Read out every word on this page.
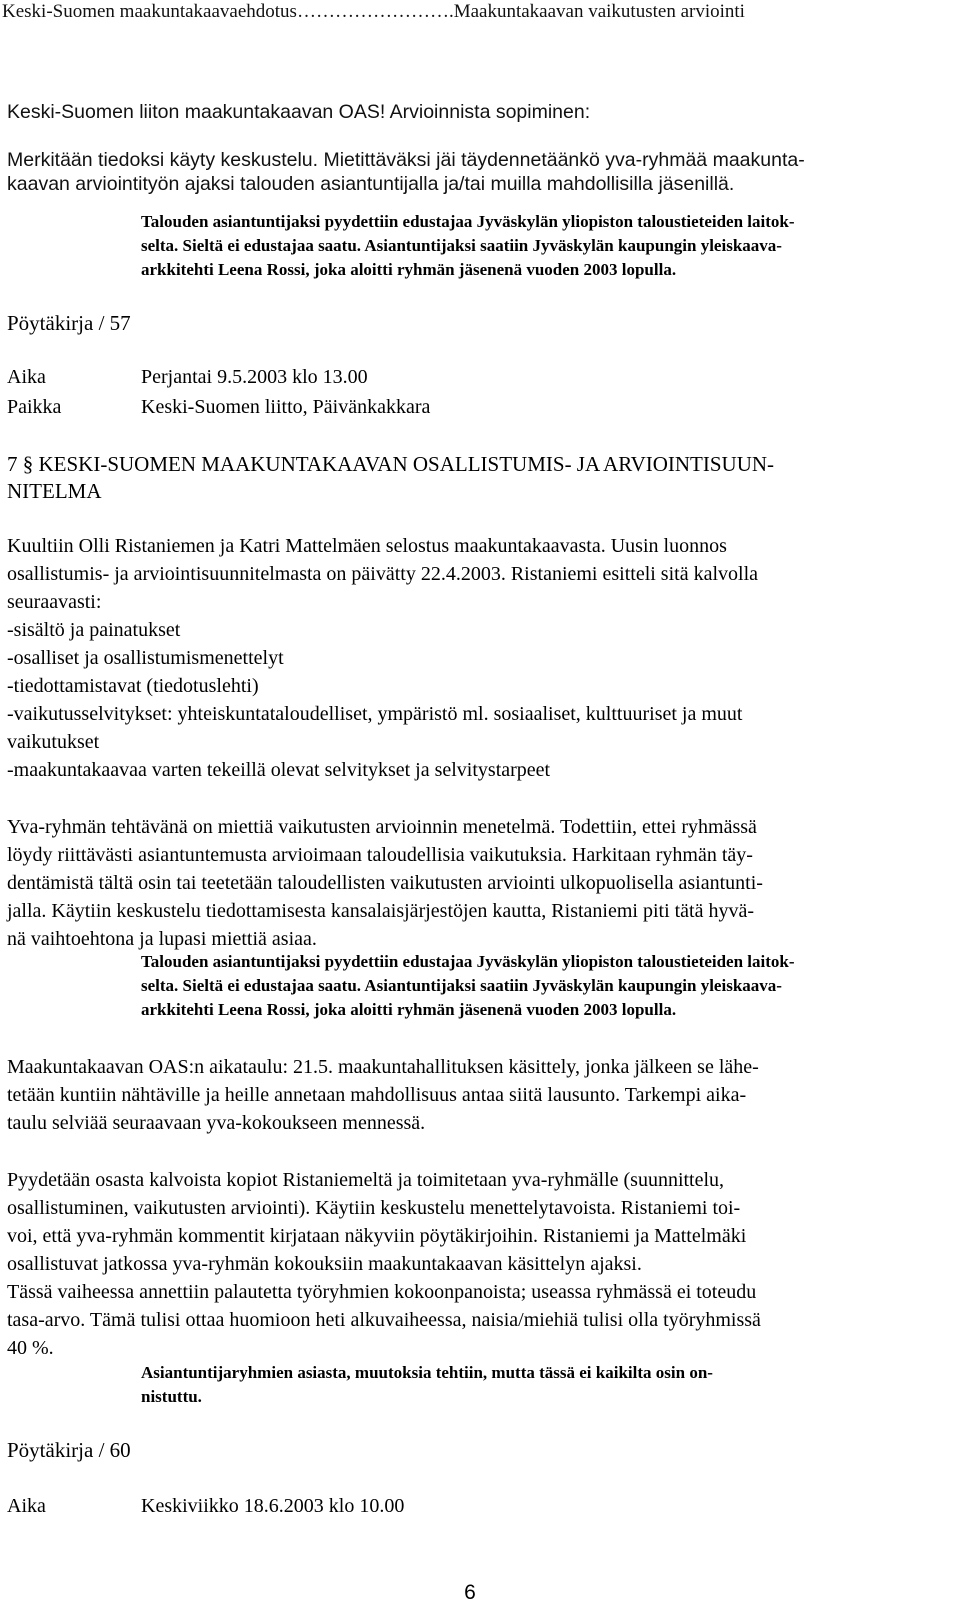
Keski-Suomen maakuntakaavaehdotus…………………….Maakuntakaavan vaikutusten arviointi
Keski-Suomen liiton maakuntakaavan OAS! Arvioinnista sopiminen:
Merkitään tiedoksi käyty keskustelu. Mietittäväksi jäi täydennetäänkö yva-ryhmää maakunta-
kaavan arviointityön ajaksi talouden asiantuntijalla ja/tai muilla mahdollisilla jäsenillä.
Talouden asiantuntijaksi pyydettiin edustajaa Jyväskylän yliopiston taloustieteiden laitok-
selta. Sieltä ei edustajaa saatu. Asiantuntijaksi saatiin Jyväskylän kaupungin yleiskaava-
arkkitehti Leena Rossi, joka aloitti ryhmän jäsenenä vuoden 2003 lopulla.
Pöytäkirja / 57
Aika	Perjantai 9.5.2003 klo 13.00
Paikka	Keski-Suomen liitto, Päivänkakkara
7 § KESKI-SUOMEN MAAKUNTAKAAVAN OSALLISTUMIS- JA ARVIOINTISUUN-
NITELMA
Kuultiin Olli Ristaniemen ja Katri Mattelmäen selostus maakuntakaavasta. Uusin luonnos
osallistumis- ja arviointisuunnitelmasta on päivätty 22.4.2003. Ristaniemi esitteli sitä kalvolla
seuraavasti:
-sisältö ja painatukset
-osalliset ja osallistumismenettelyt
-tiedottamistavat (tiedotuslehti)
-vaikutusselvitykset: yhteiskuntataloudelliset, ympäristö ml. sosiaaliset, kulttuuriset ja muut
vaikutukset
-maakuntakaavaa varten tekeillä olevat selvitykset ja selvitystarpeet
Yva-ryhmän tehtävänä on miettiä vaikutusten arvioinnin menetelmä. Todettiin, ettei ryhmässä
löydy riittävästi asiantuntemusta arvioimaan taloudellisia vaikutuksia. Harkitaan ryhmän täy-
dentämistä tältä osin tai teetetään taloudellisten vaikutusten arviointi ulkopuolisella asiantunti-
jalla. Käytiin keskustelu tiedottamisesta kansalaisjärjestöjen kautta, Ristaniemi piti tätä hyvä-
nä vaihtoehtona ja lupasi miettiä asiaa.
Talouden asiantuntijaksi pyydettiin edustajaa Jyväskylän yliopiston taloustieteiden laitok-
selta. Sieltä ei edustajaa saatu. Asiantuntijaksi saatiin Jyväskylän kaupungin yleiskaava-
arkkitehti Leena Rossi, joka aloitti ryhmän jäsenenä vuoden 2003 lopulla.
Maakuntakaavan OAS:n aikataulu: 21.5. maakuntahallituksen käsittely, jonka jälkeen se lähe-
tetään kuntiin nähtäville ja heille annetaan mahdollisuus antaa siitä lausunto. Tarkempi aika-
taulu selviää seuraavaan yva-kokoukseen mennessä.
Pyydetään osasta kalvoista kopiot Ristaniemeltä ja toimitetaan yva-ryhmälle (suunnittelu,
osallistuminen, vaikutusten arviointi). Käytiin keskustelu menettelytavoista. Ristaniemi toi-
voi, että yva-ryhmän kommentit kirjataan näkyviin pöytäkirjoihin. Ristaniemi ja Mattelmäki
osallistuvat jatkossa yva-ryhmän kokouksiin maakuntakaavan käsittelyn ajaksi.
Tässä vaiheessa annettiin palautetta työryhmien kokoonpanoista; useassa ryhmässä ei toteudu
tasa-arvo. Tämä tulisi ottaa huomioon heti alkuvaiheessa, naisia/miehiä tulisi olla työryhmissä
40 %.
Asiantuntijaryhmien asiasta, muutoksia tehtiin, mutta tässä ei kaikilta osin on-
nistuttu.
Pöytäkirja / 60
Aika	Keskiviikko 18.6.2003 klo 10.00
6
